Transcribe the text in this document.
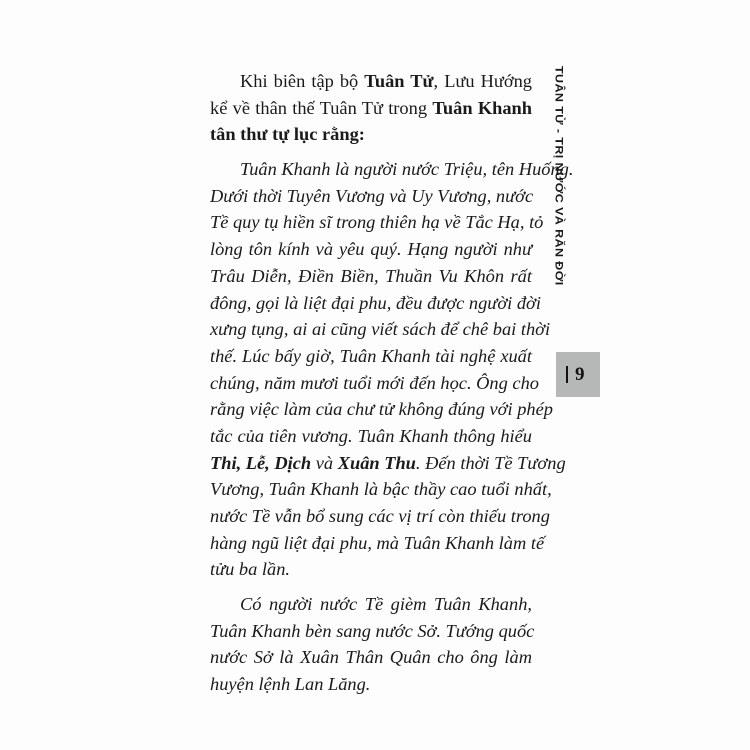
TUÂN TỬ - TRỊ NƯỚC VÀ RĂN ĐỜI
9
Khi biên tập bộ Tuân Tử, Lưu Hướng
kể về thân thế Tuân Tử trong Tuân Khanh
tân thư tự lục rằng:
Tuân Khanh là người nước Triệu, tên Huống.
Dưới thời Tuyên Vương và Uy Vương, nước
Tề quy tụ hiền sĩ trong thiên hạ về Tắc Hạ, tỏ
lòng tôn kính và yêu quý. Hạng người như
Trâu Diễn, Điền Biền, Thuần Vu Khôn rất
đông, gọi là liệt đại phu, đều được người đời
xưng tụng, ai ai cũng viết sách để chê bai thời
thế. Lúc bấy giờ, Tuân Khanh tài nghệ xuất
chúng, năm mươi tuổi mới đến học. Ông cho
rằng việc làm của chư tử không đúng với phép
tắc của tiên vương. Tuân Khanh thông hiểu
Thi, Lễ, Dịch và Xuân Thu. Đến thời Tề Tương
Vương, Tuân Khanh là bậc thầy cao tuổi nhất,
nước Tề vẫn bổ sung các vị trí còn thiếu trong
hàng ngũ liệt đại phu, mà Tuân Khanh làm tế
tửu ba lần.
Có người nước Tề gièm Tuân Khanh,
Tuân Khanh bèn sang nước Sở. Tướng quốc
nước Sở là Xuân Thân Quân cho ông làm
huyện lệnh Lan Lăng.
